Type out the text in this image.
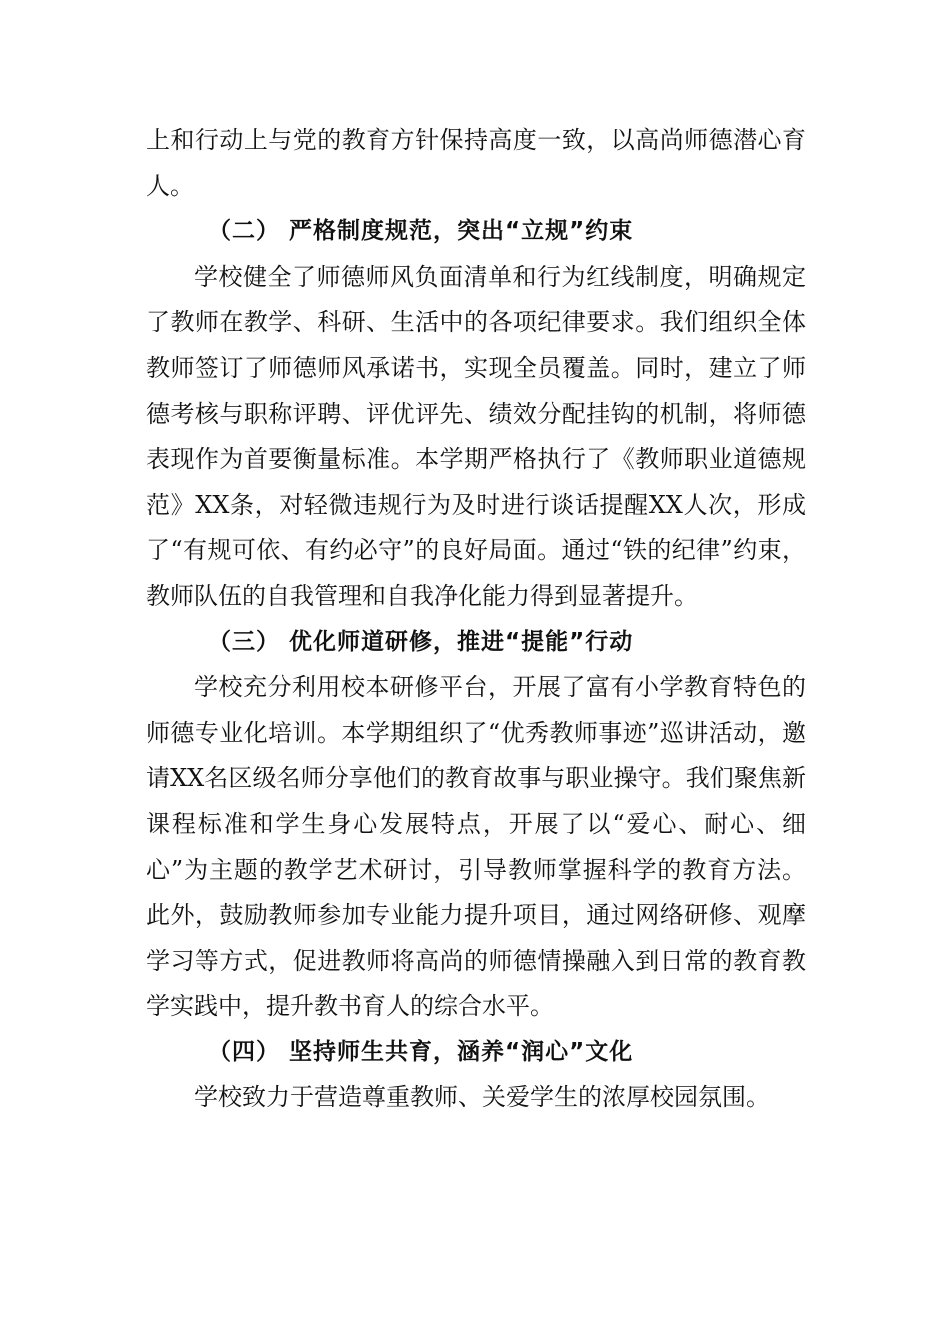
上和行动上与党的教育方针保持高度一致，以高尚师德潜心育人。

（二） 严格制度规范，突出“立规”约束

学校健全了师德师风负面清单和行为红线制度，明确规定了教师在教学、科研、生活中的各项纪律要求。我们组织全体教师签订了师德师风承诺书，实现全员覆盖。同时，建立了师德考核与职称评聘、评优评先、绩效分配挂钩的机制，将师德表现作为首要衡量标准。本学期严格执行了《教师职业道德规范》XX条，对轻微违规行为及时进行谈话提醒XX人次，形成了“有规可依、有约必守”的良好局面。通过“铁的纪律”约束，教师队伍的自我管理和自我净化能力得到显著提升。

（三） 优化师道研修，推进“提能”行动

学校充分利用校本研修平台，开展了富有小学教育特色的师德专业化培训。本学期组织了“优秀教师事迹”巡讲活动，邀请XX名区级名师分享他们的教育故事与职业操守。我们聚焦新课程标准和学生身心发展特点，开展了以“爱心、耐心、细心”为主题的教学艺术研讨，引导教师掌握科学的教育方法。此外，鼓励教师参加专业能力提升项目，通过网络研修、观摩学习等方式，促进教师将高尚的师德情操融入到日常的教育教学实践中，提升教书育人的综合水平。

（四） 坚持师生共育，涵养“润心”文化

学校致力于营造尊重教师、关爱学生的浓厚校园氛围。
